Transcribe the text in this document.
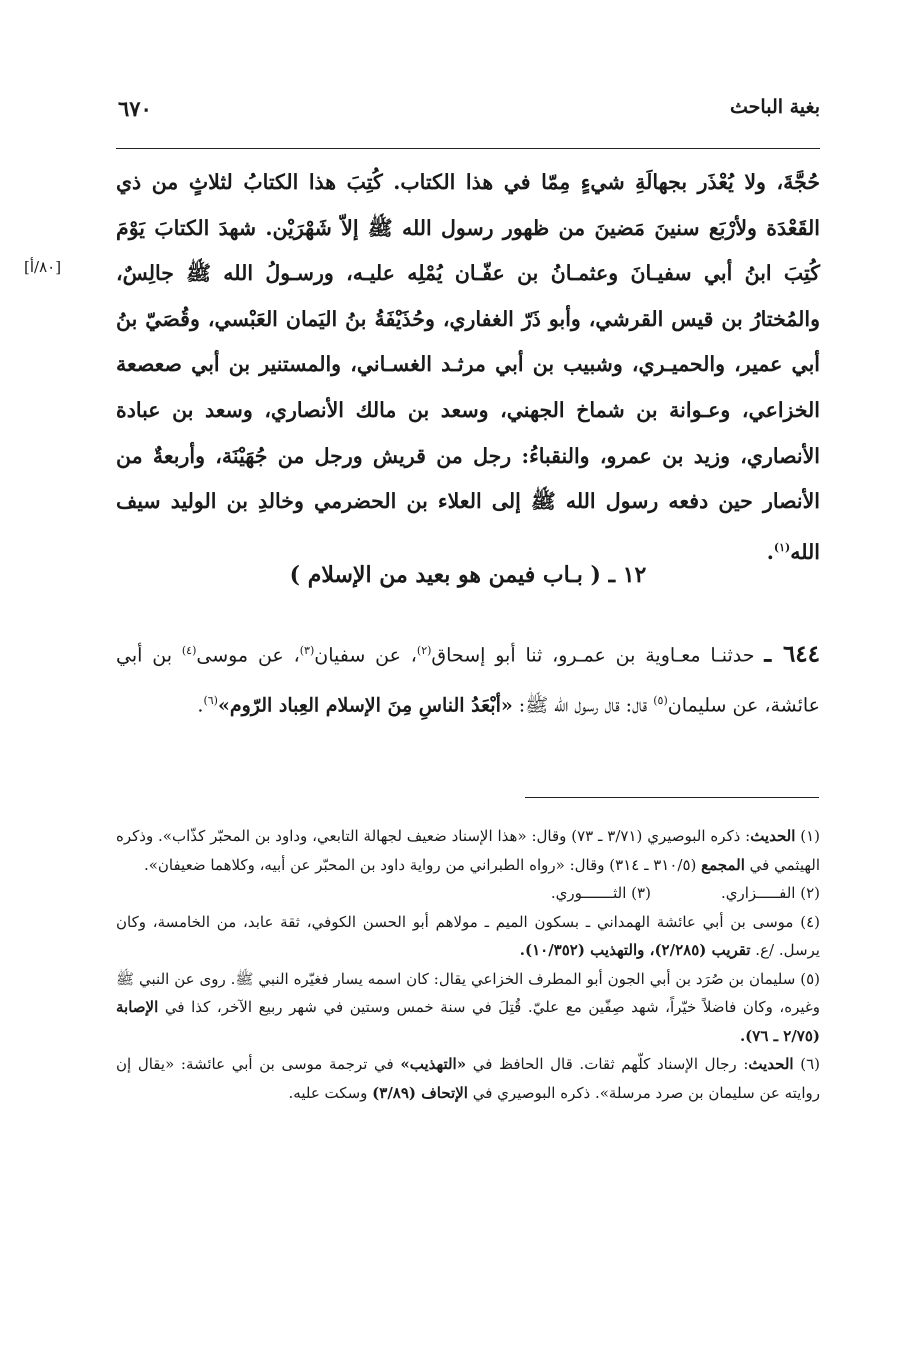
بغية الباحث
٦٧٠
[٨٠/أ]

حُجَّةَ، ولا يُعْذَر بجهالَةِ شيءٍ مِمّا في هذا الكتاب. كُتِبَ هذا الكتابُ لثلاثٍ من ذي القَعْدَة ولأرْبَع سنينَ مَضينَ من ظهور رسول الله ﷺ إلاّ شَهْرَيْن. شهدَ الكتابَ يَوْمَ كُتِبَ ابنُ أبي سفيـانَ وعثمـانُ بن عفّـان يُمْلِه عليـه، ورسـولُ الله ﷺ جالِسٌ، والمُختارُ بن قيس القرشي، وأبو ذَرّ الغفاري، وحُذَيْفَةُ بنُ اليَمان العَبْسي، وقُصَيّ بنُ أبي عمير، والحميـري، وشبيب بن أبي مرثـد الغسـاني، والمستنير بن أبي صعصعة الخزاعي، وعـوانة بن شماخ الجهني، وسعد بن مالك الأنصاري، وسعد بن عبادة الأنصاري، وزيد بن عمرو، والنقباءُ: رجل من قريش ورجل من جُهَيْنَة، وأربعةٌ من الأنصار حين دفعه رسول الله ﷺ إلى العلاء بن الحضرمي وخالدِ بن الوليد سيف الله$^{(١)}$.

١٢ ـ ( بـاب فيمن هو بعيد من الإسلام )
٦٤٤ ـ حدثنـا معـاوية بن عمـرو، ثنا أبو إسحاق$^{(٢)}$، عن سفيان$^{(٣)}$، عن موسى$^{(٤)}$ بن أبي عائشة، عن سليمان$^{(٥)}$ قال: قال رسول الله ﷺ: «أبْعَدُ الناسِ مِنَ الإسلام العِباد الرّوم»$^{(٦)}$.

(١) الحديث: ذكره البوصيري (٣/٧١ ـ ٧٣) وقال: «هذا الإسناد ضعيف لجهالة التابعي، وداود بن المحبّر كذّاب». وذكره الهيثمي في المجمع (٣١٠/٥ ـ ٣١٤) وقال: «رواه الطبراني من رواية داود بن المحبّر عن أبيه، وكلاهما ضعيفان».

(٢) الفـــــزاري.
(٣) الثـــــــوري.

(٤) موسى بن أبي عائشة الهمداني ـ بسكون الميم ـ مولاهم أبو الحسن الكوفي، ثقة عابد، من الخامسة، وكان يرسل. /ع. تقريب (٢/٢٨٥)، والتهذيب (١٠/٣٥٢).

(٥) سليمان بن صُرَد بن أبي الجون أبو المطرف الخزاعي يقال: كان اسمه يسار فغيّره النبي ﷺ. روى عن النبي ﷺ وغيره، وكان فاضلاً خيّراً، شهد صِفّين مع عليّ. قُتِلَ في سنة خمس وستين في شهر ربيع الآخر، كذا في الإصابة (٢/٧٥ ـ ٧٦).

(٦) الحديث: رجال الإسناد كلّهم ثقات. قال الحافظ في «التهذيب» في ترجمة موسى بن أبي عائشة: «يقال إن روايته عن سليمان بن صرد مرسلة». ذكره البوصيري في الإتحاف (٣/٨٩) وسكت عليه.
